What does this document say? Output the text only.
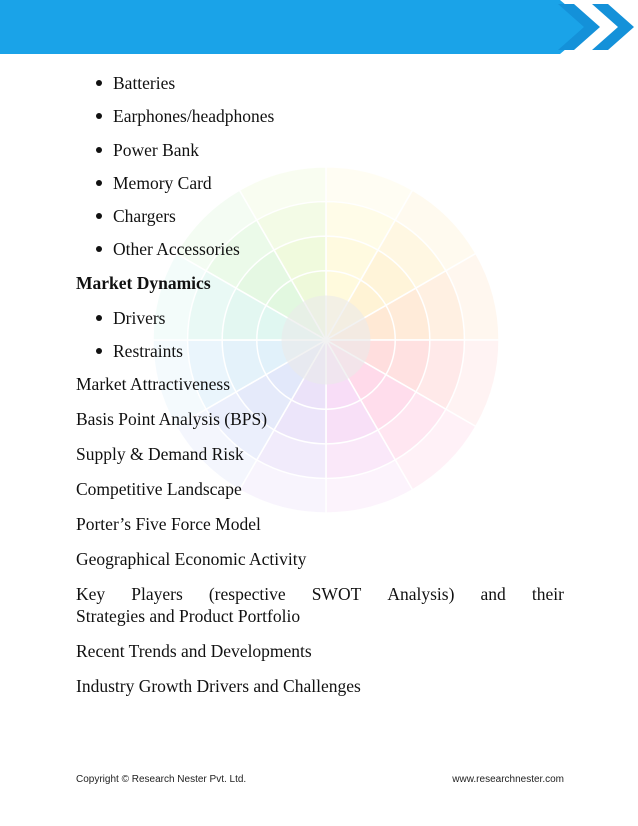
Batteries
Earphones/headphones
Power Bank
Memory Card
Chargers
Other Accessories
Market Dynamics
Drivers
Restraints
Market Attractiveness
Basis Point Analysis (BPS)
Supply & Demand Risk
Competitive Landscape
Porter’s Five Force Model
Geographical Economic Activity
Key Players (respective SWOT Analysis) and their
Strategies and Product Portfolio
Recent Trends and Developments
Industry Growth Drivers and Challenges
Copyright © Research Nester Pvt. Ltd.	www.researchnester.com
